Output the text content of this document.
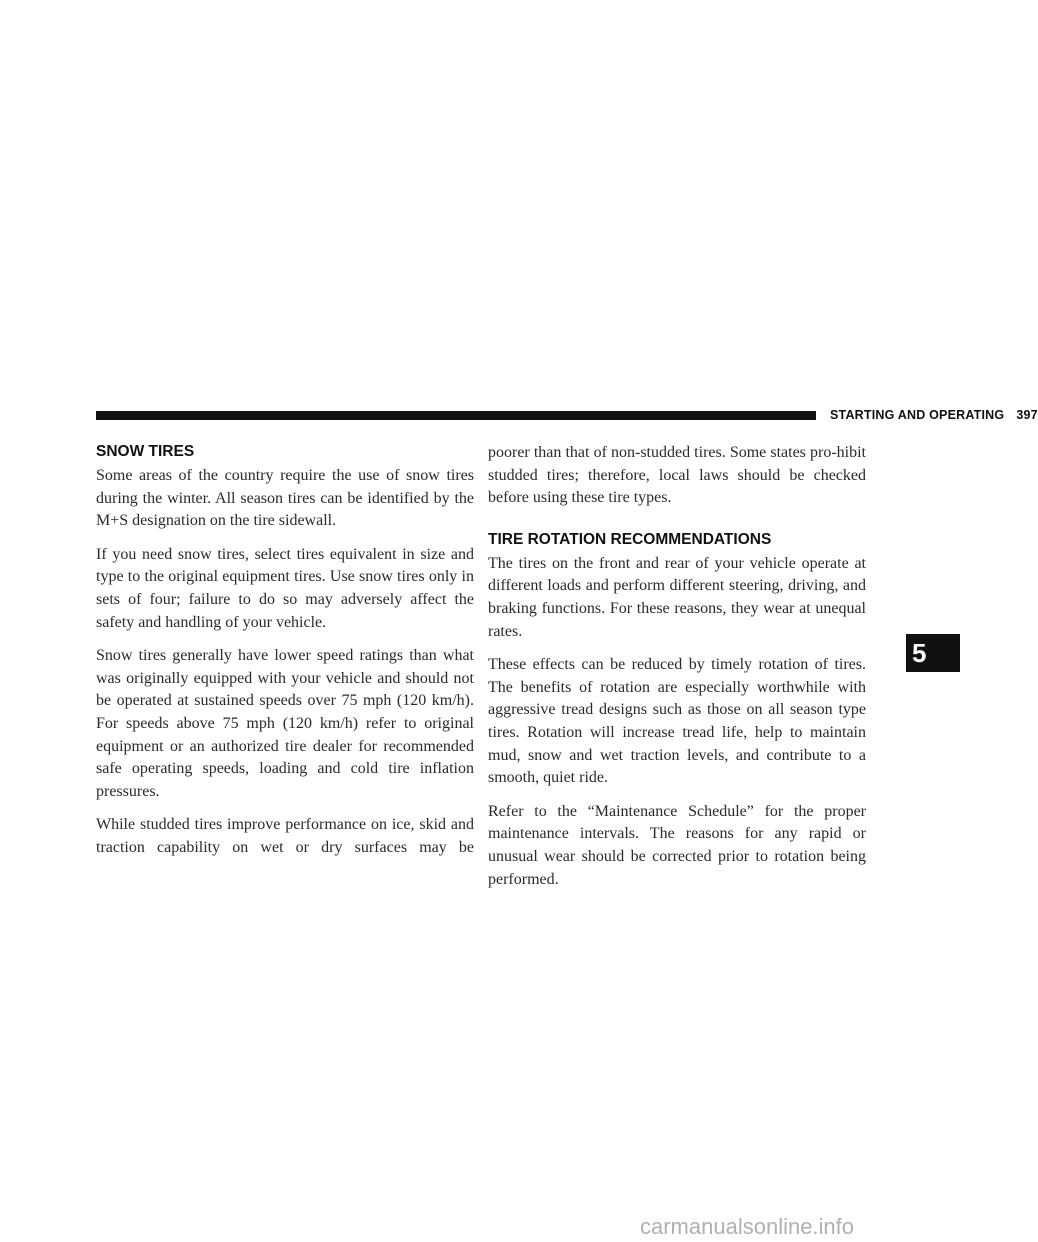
STARTING AND OPERATING 397
SNOW TIRES

Some areas of the country require the use of snow tires during the winter. All season tires can be identified by the M+S designation on the tire sidewall.

If you need snow tires, select tires equivalent in size and type to the original equipment tires. Use snow tires only in sets of four; failure to do so may adversely affect the safety and handling of your vehicle.

Snow tires generally have lower speed ratings than what was originally equipped with your vehicle and should not be operated at sustained speeds over 75 mph (120 km/h). For speeds above 75 mph (120 km/h) refer to original equipment or an authorized tire dealer for recommended safe operating speeds, loading and cold tire inflation pressures.

While studded tires improve performance on ice, skid and traction capability on wet or dry surfaces may be

poorer than that of non-studded tires. Some states pro-hibit studded tires; therefore, local laws should be checked before using these tire types.

TIRE ROTATION RECOMMENDATIONS

The tires on the front and rear of your vehicle operate at different loads and perform different steering, driving, and braking functions. For these reasons, they wear at unequal rates.

These effects can be reduced by timely rotation of tires. The benefits of rotation are especially worthwhile with aggressive tread designs such as those on all season type tires. Rotation will increase tread life, help to maintain mud, snow and wet traction levels, and contribute to a smooth, quiet ride.

Refer to the “Maintenance Schedule” for the proper maintenance intervals. The reasons for any rapid or unusual wear should be corrected prior to rotation being performed.

5
carmanualsonline.info
